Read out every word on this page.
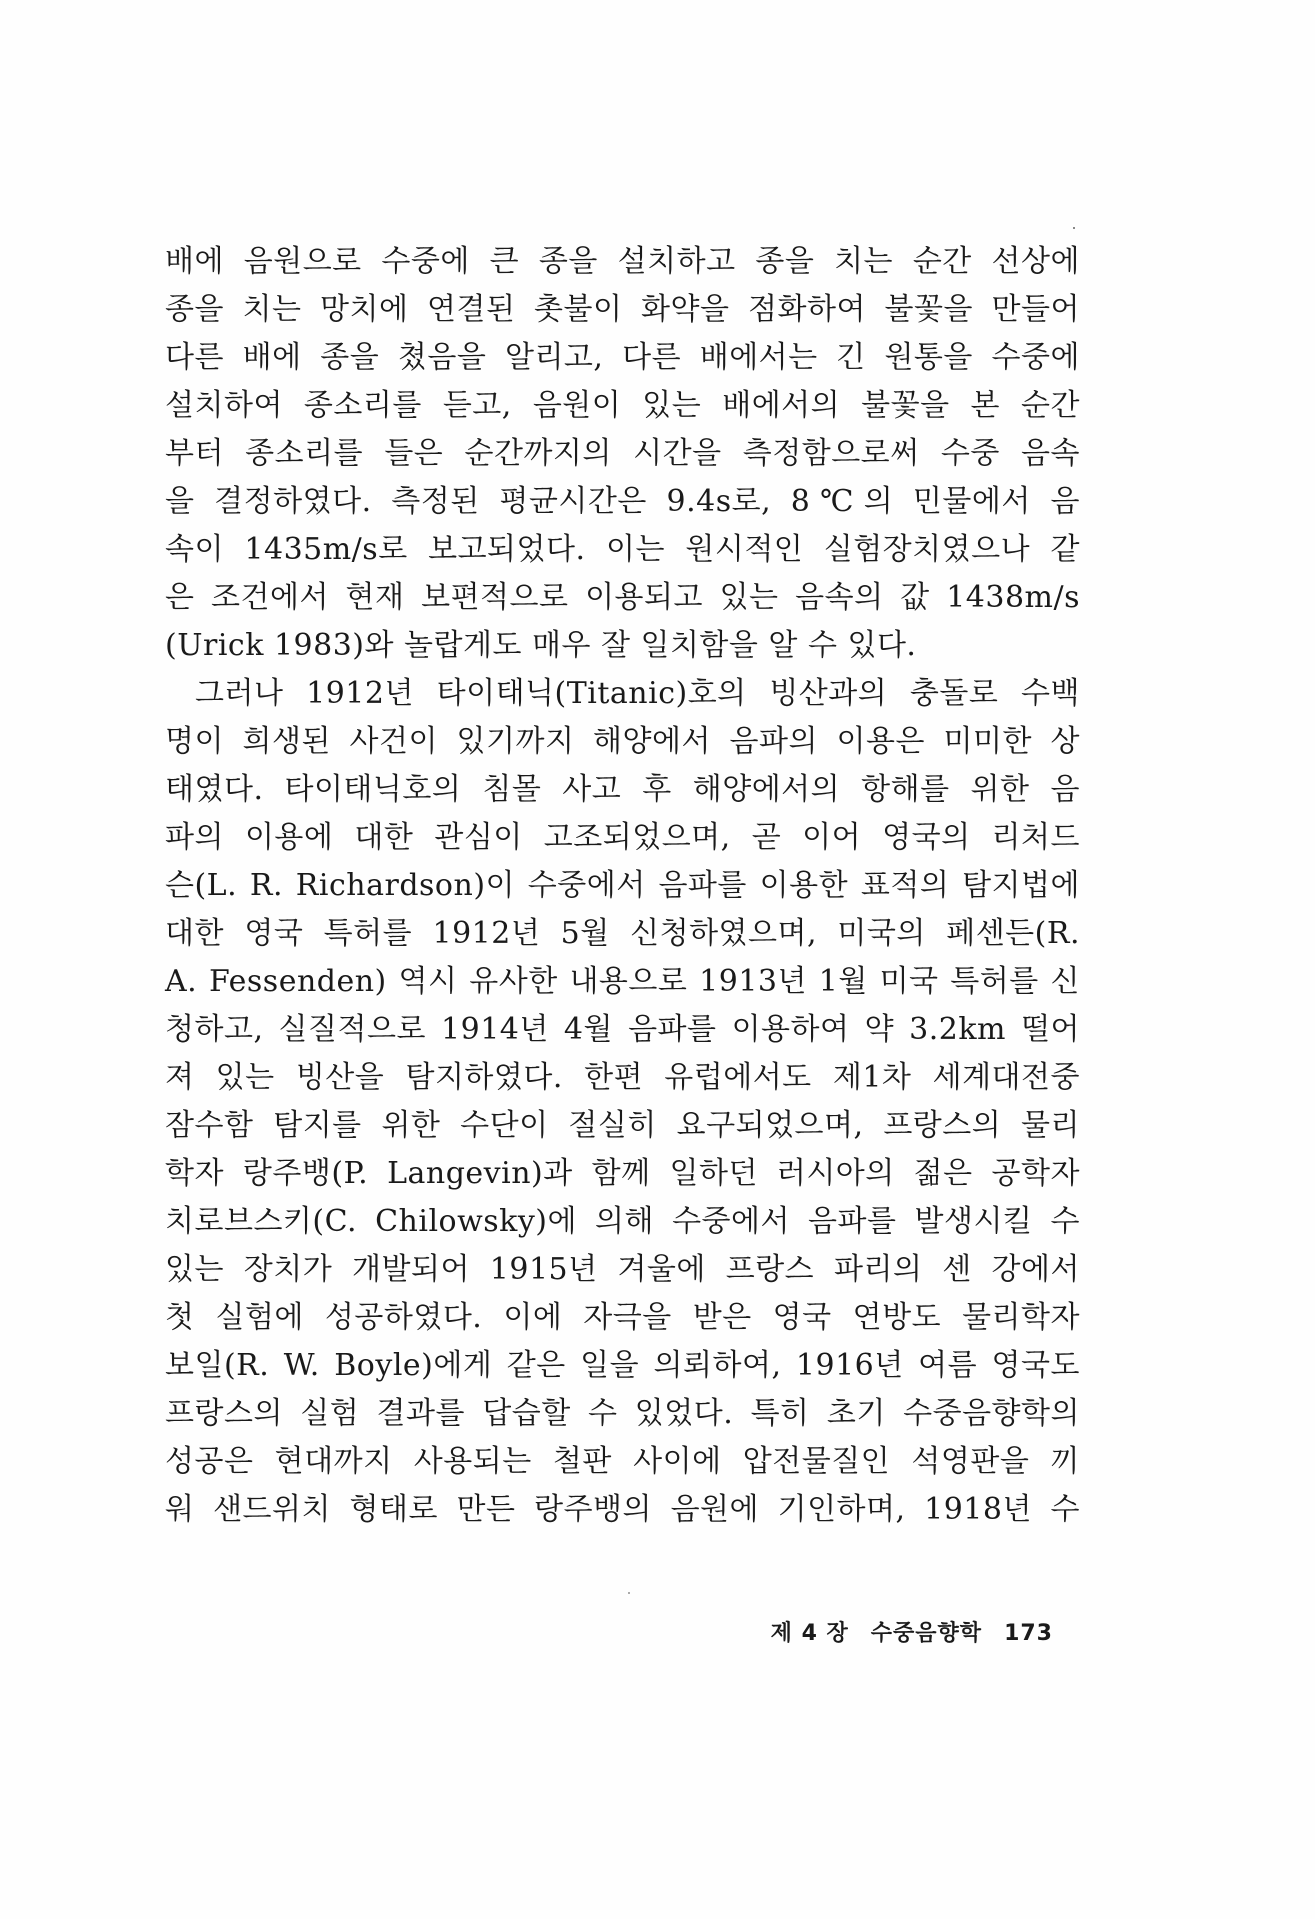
배에 음원으로 수중에 큰 종을 설치하고 종을 치는 순간 선상에
종을 치는 망치에 연결된 촛불이 화약을 점화하여 불꽃을 만들어
다른 배에 종을 쳤음을 알리고, 다른 배에서는 긴 원통을 수중에
설치하여 종소리를 듣고, 음원이 있는 배에서의 불꽃을 본 순간
부터 종소리를 들은 순간까지의 시간을 측정함으로써 수중 음속
을 결정하였다. 측정된 평균시간은 9.4s로, 8℃의 민물에서 음
속이 1435m/s로 보고되었다. 이는 원시적인 실험장치였으나 같
은 조건에서 현재 보편적으로 이용되고 있는 음속의 값 1438m/s
(Urick 1983)와 놀랍게도 매우 잘 일치함을 알 수 있다.
그러나 1912년 타이태닉(Titanic)호의 빙산과의 충돌로 수백
명이 희생된 사건이 있기까지 해양에서 음파의 이용은 미미한 상
태였다. 타이태닉호의 침몰 사고 후 해양에서의 항해를 위한 음
파의 이용에 대한 관심이 고조되었으며, 곧 이어 영국의 리처드
슨(L. R. Richardson)이 수중에서 음파를 이용한 표적의 탐지법에
대한 영국 특허를 1912년 5월 신청하였으며, 미국의 페센든(R.
A. Fessenden) 역시 유사한 내용으로 1913년 1월 미국 특허를 신
청하고, 실질적으로 1914년 4월 음파를 이용하여 약 3.2km 떨어
져 있는 빙산을 탐지하였다. 한편 유럽에서도 제1차 세계대전중
잠수함 탐지를 위한 수단이 절실히 요구되었으며, 프랑스의 물리
학자 랑주뱅(P. Langevin)과 함께 일하던 러시아의 젊은 공학자
치로브스키(C. Chilowsky)에 의해 수중에서 음파를 발생시킬 수
있는 장치가 개발되어 1915년 겨울에 프랑스 파리의 센 강에서
첫 실험에 성공하였다. 이에 자극을 받은 영국 연방도 물리학자
보일(R. W. Boyle)에게 같은 일을 의뢰하여, 1916년 여름 영국도
프랑스의 실험 결과를 답습할 수 있었다. 특히 초기 수중음향학의
성공은 현대까지 사용되는 철판 사이에 압전물질인 석영판을 끼
워 샌드위치 형태로 만든 랑주뱅의 음원에 기인하며, 1918년 수
제 4 장 수중음향학 173
